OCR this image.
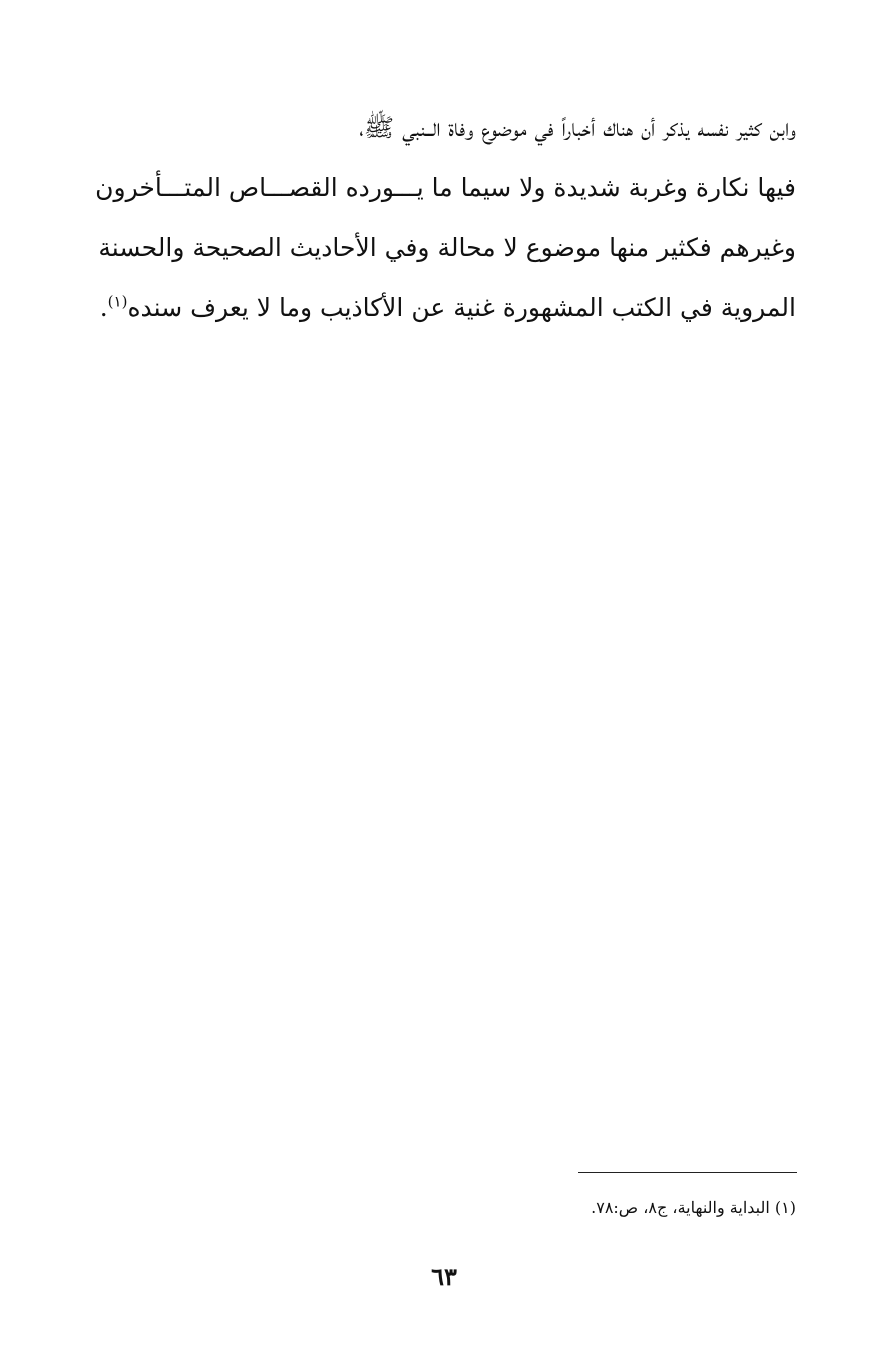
وابن كثير نفسه يذكر أن هناك أخباراً في موضوع وفاة الــنبي ﷺ،
فيها نكارة وغربة شديدة ولا سيما ما يـــورده القصـــاص المتـــأخرون
وغيرهم فكثير منها موضوع لا محالة وفي الأحاديث الصحيحة والحسنة
المروية في الكتب المشهورة غنية عن الأكاذيب وما لا يعرف سنده$^{(١)}$.
(١) البداية والنهاية، ج٨، ص:٧٨.
٦٣
